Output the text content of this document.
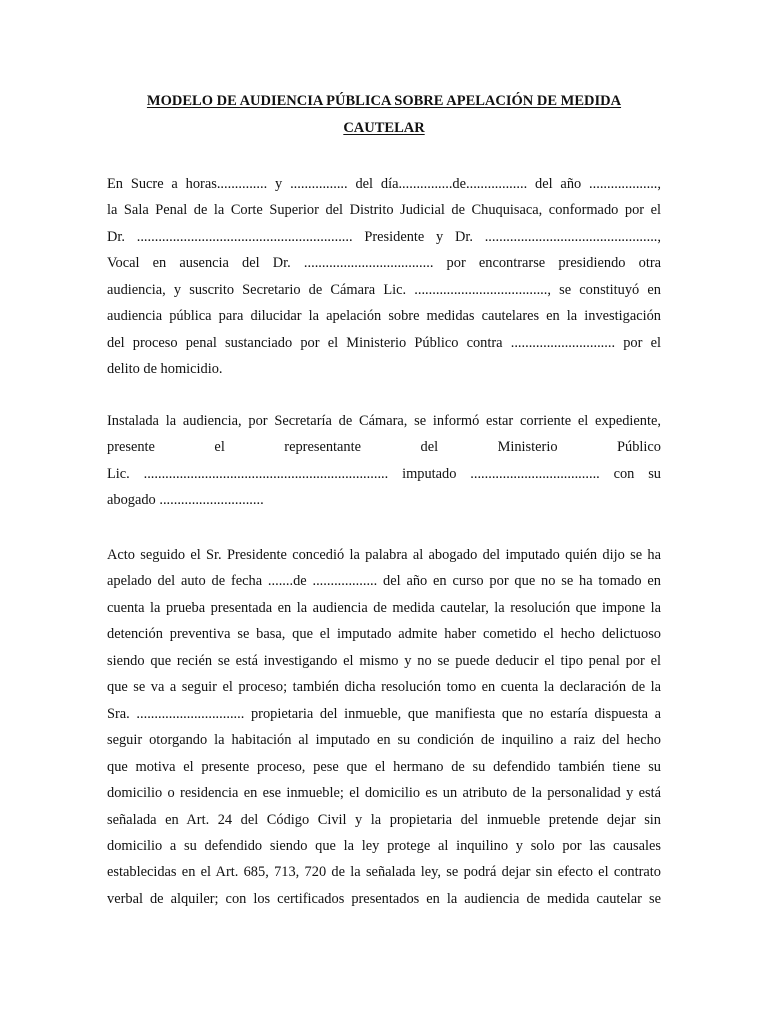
MODELO DE AUDIENCIA PÚBLICA SOBRE APELACIÓN DE MEDIDA
CAUTELAR

En Sucre a horas.............. y ................ del día...............de................. del año ...................,
la Sala Penal de la Corte Superior del Distrito Judicial de Chuquisaca, conformado por el
Dr. ............................................................ Presidente y Dr. ................................................,
Vocal en ausencia del Dr. .................................... por encontrarse presidiendo otra
audiencia, y suscrito Secretario de Cámara Lic. ....................................., se constituyó en
audiencia pública para dilucidar la apelación sobre medidas cautelares en la investigación
del proceso penal sustanciado por el Ministerio Público contra ............................. por el
delito de homicidio.

Instalada la audiencia, por Secretaría de Cámara, se informó estar corriente el expediente,
presente el representante del Ministerio Público
Lic. .................................................................... imputado .................................... con su
abogado .............................

Acto seguido el Sr. Presidente concedió la palabra al abogado del imputado quién dijo se ha
apelado del auto de fecha .......de .................. del año en curso por que no se ha tomado en
cuenta la prueba presentada en la audiencia de medida cautelar, la resolución que impone la
detención preventiva se basa, que el imputado admite haber cometido el hecho delictuoso
siendo que recién se está investigando el mismo y no se puede deducir el tipo penal por el
que se va a seguir el proceso; también dicha resolución tomo en cuenta la declaración de la
Sra. .............................. propietaria del inmueble, que manifiesta que no estaría dispuesta a
seguir otorgando la habitación al imputado en su condición de inquilino a raiz del hecho
que motiva el presente proceso, pese que el hermano de su defendido también tiene su
domicilio o residencia en ese inmueble; el domicilio es un atributo de la personalidad y está
señalada en Art. 24 del Código Civil y la propietaria del inmueble pretende dejar sin
domicilio a su defendido siendo que la ley protege al inquilino y solo por las causales
establecidas en el Art. 685, 713, 720 de la señalada ley, se podrá dejar sin efecto el contrato
verbal de alquiler; con los certificados presentados en la audiencia de medida cautelar se
